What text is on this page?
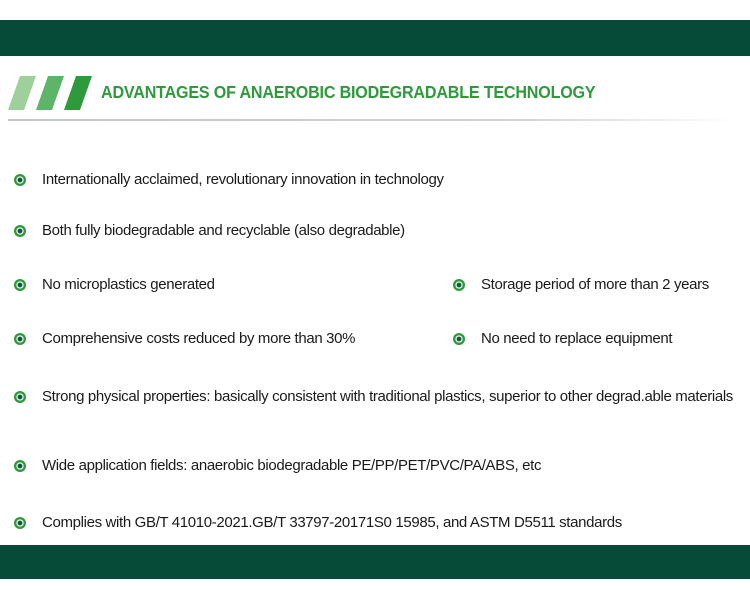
ADVANTAGES OF ANAEROBIC BIODEGRADABLE TECHNOLOGY
Internationally acclaimed, revolutionary innovation in technology
Both fully biodegradable and recyclable (also degradable)
No microplastics generated	Storage period of more than 2 years
Comprehensive costs reduced by more than 30%	No need to replace equipment
Strong physical properties: basically consistent with traditional plastics, superior to other degrad.able materials
Wide application fields: anaerobic biodegradable PE/PP/PET/PVC/PA/ABS, etc
Complies with GB/T 41010-2021.GB/T 33797-20171S0 15985, and ASTM D5511 standards
